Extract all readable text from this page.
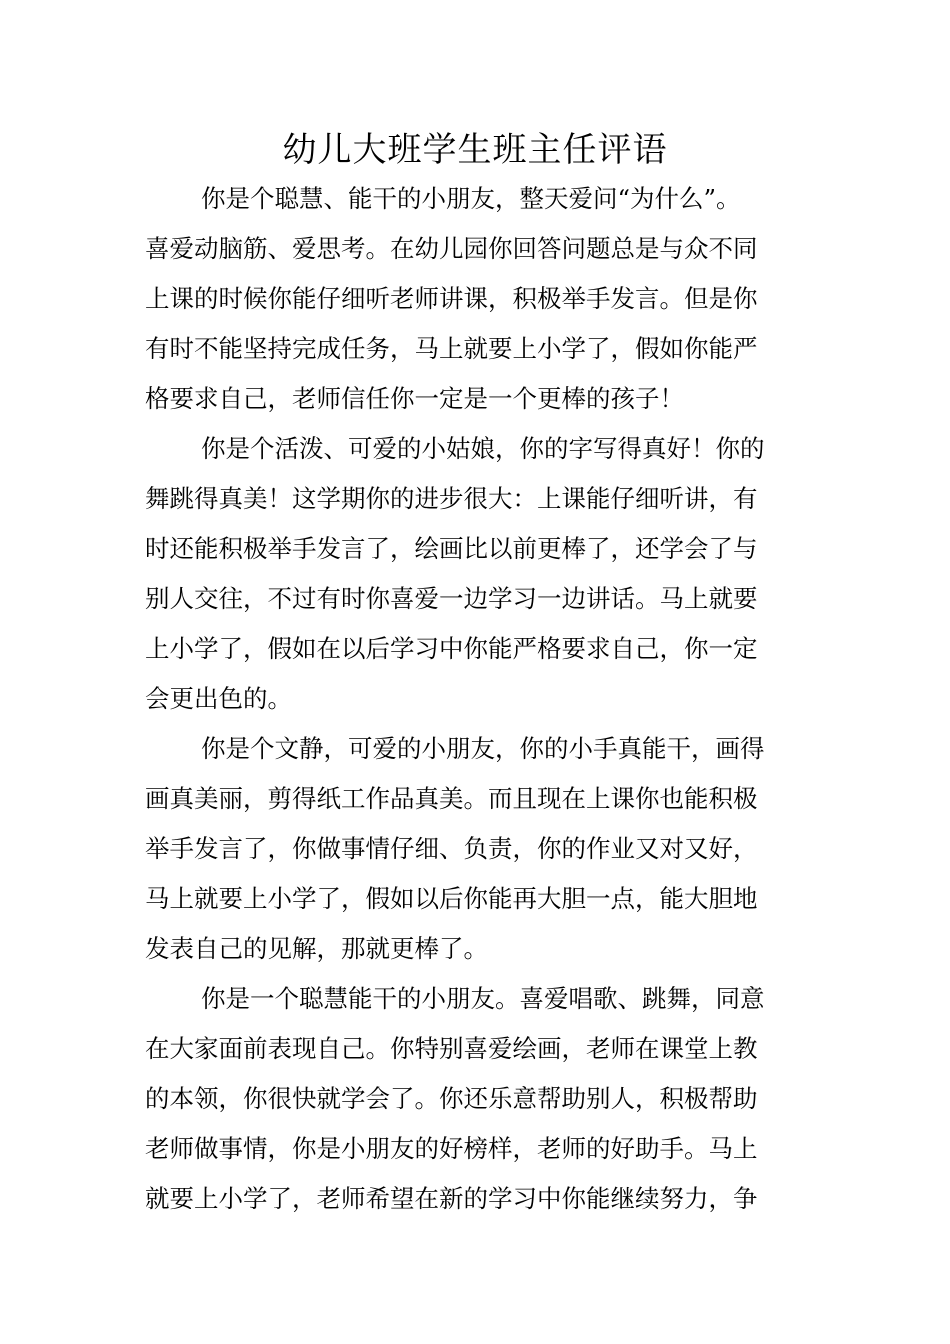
幼儿大班学生班主任评语
你是个聪慧、能干的小朋友，整天爱问“为什么”。
喜爱动脑筋、爱思考。在幼儿园你回答问题总是与众不同
上课的时候你能仔细听老师讲课，积极举手发言。但是你
有时不能坚持完成任务，马上就要上小学了，假如你能严
格要求自己，老师信任你一定是一个更棒的孩子！
你是个活泼、可爱的小姑娘，你的字写得真好！你的
舞跳得真美！这学期你的进步很大：上课能仔细听讲，有
时还能积极举手发言了，绘画比以前更棒了，还学会了与
别人交往，不过有时你喜爱一边学习一边讲话。马上就要
上小学了，假如在以后学习中你能严格要求自己，你一定
会更出色的。
你是个文静，可爱的小朋友，你的小手真能干，画得
画真美丽，剪得纸工作品真美。而且现在上课你也能积极
举手发言了，你做事情仔细、负责，你的作业又对又好，
马上就要上小学了，假如以后你能再大胆一点，能大胆地
发表自己的见解，那就更棒了。
你是一个聪慧能干的小朋友。喜爱唱歌、跳舞，同意
在大家面前表现自己。你特别喜爱绘画，老师在课堂上教
的本领，你很快就学会了。你还乐意帮助别人，积极帮助
老师做事情，你是小朋友的好榜样，老师的好助手。马上
就要上小学了，老师希望在新的学习中你能继续努力，争
